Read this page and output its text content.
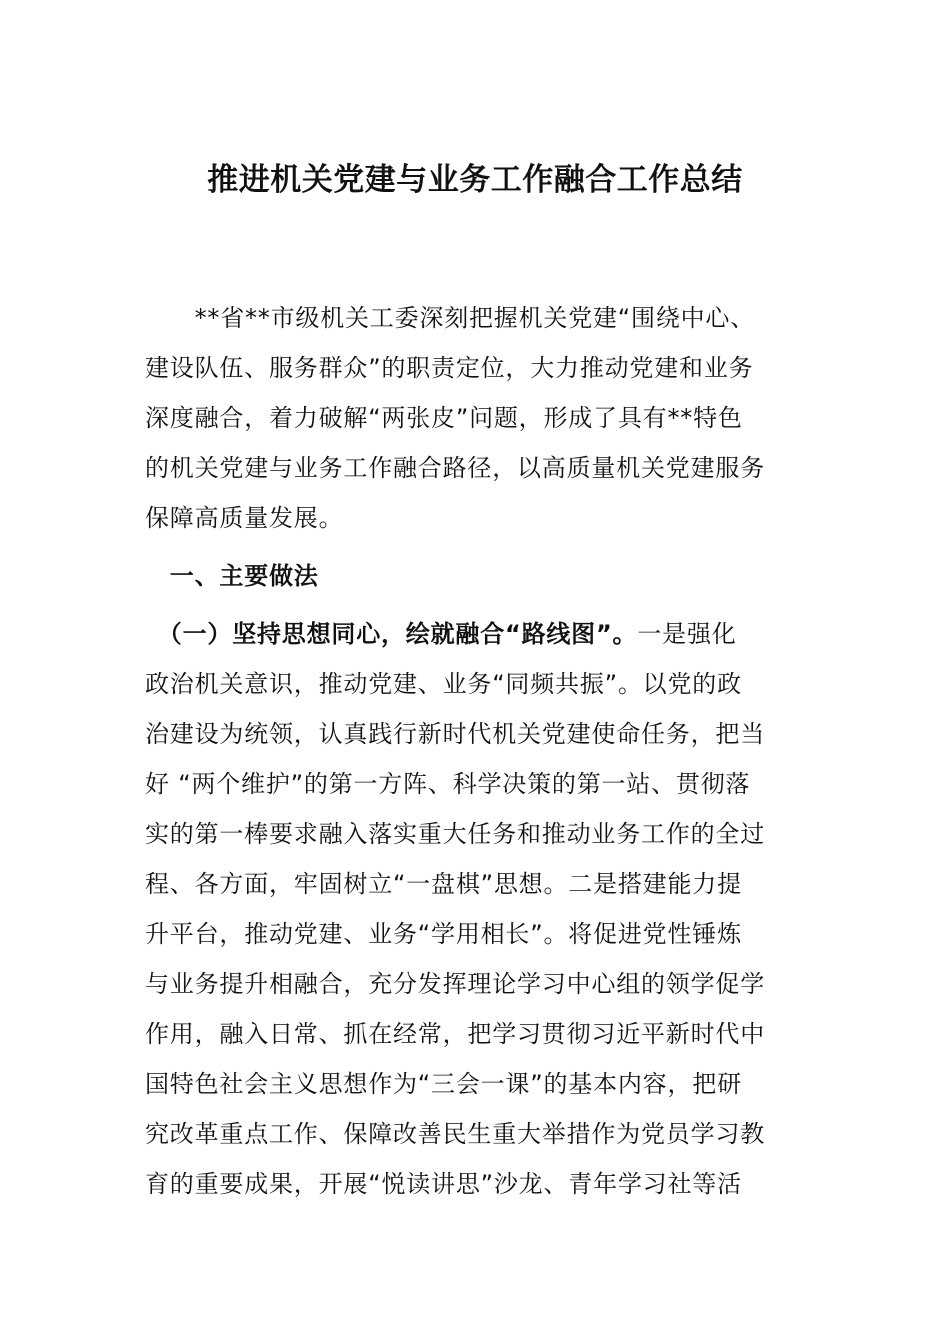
推进机关党建与业务工作融合工作总结
　　**省**市级机关工委深刻把握机关党建“围绕中心、
建设队伍、服务群众”的职责定位，大力推动党建和业务
深度融合，着力破解“两张皮”问题，形成了具有**特色
的机关党建与业务工作融合路径，以高质量机关党建服务
保障高质量发展。
　一、主要做法
　（一）坚持思想同心，绘就融合“路线图”。一是强化
政治机关意识，推动党建、业务“同频共振”。以党的政
治建设为统领，认真践行新时代机关党建使命任务，把当
好 “两个维护”的第一方阵、科学决策的第一站、贯彻落
实的第一棒要求融入落实重大任务和推动业务工作的全过
程、各方面，牢固树立“一盘棋”思想。二是搭建能力提
升平台，推动党建、业务“学用相长”。将促进党性锤炼
与业务提升相融合，充分发挥理论学习中心组的领学促学
作用，融入日常、抓在经常，把学习贯彻习近平新时代中
国特色社会主义思想作为“三会一课”的基本内容，把研
究改革重点工作、保障改善民生重大举措作为党员学习教
育的重要成果，开展“悦读讲思”沙龙、青年学习社等活
